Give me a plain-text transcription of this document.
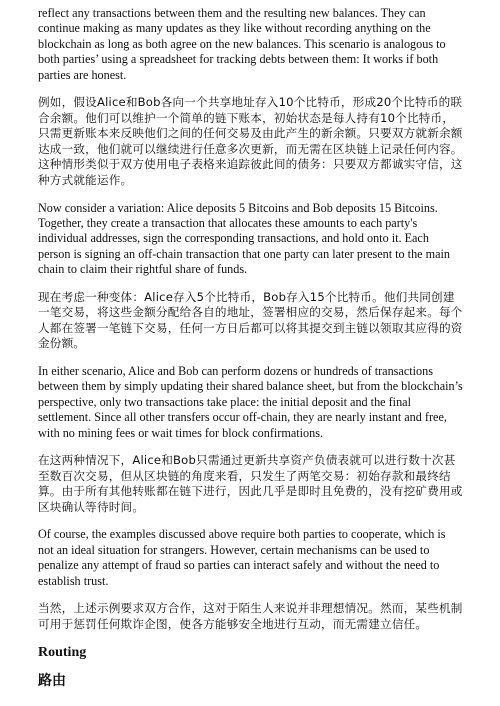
reflect any transactions between them and the resulting new balances. They can continue making as many updates as they like without recording anything on the blockchain as long as both agree on the new balances. This scenario is analogous to both parties’ using a spreadsheet for tracking debts between them: It works if both parties are honest.

例如，假设Alice和Bob各向一个共享地址存入10个比特币，形成20个比特币的联合余额。他们可以维护一个简单的链下账本，初始状态是每人持有10个比特币，只需更新账本来反映他们之间的任何交易及由此产生的新余额。只要双方就新余额达成一致，他们就可以继续进行任意多次更新，而无需在区块链上记录任何内容。这种情形类似于双方使用电子表格来追踪彼此间的债务：只要双方都诚实守信，这种方式就能运作。

Now consider a variation: Alice deposits 5 Bitcoins and Bob deposits 15 Bitcoins. Together, they create a transaction that allocates these amounts to each party's individual addresses, sign the corresponding transactions, and hold onto it. Each person is signing an off-chain transaction that one party can later present to the main chain to claim their rightful share of funds.

现在考虑一种变体：Alice存入5个比特币，Bob存入15个比特币。他们共同创建一笔交易，将这些金额分配给各自的地址，签署相应的交易，然后保存起来。每个人都在签署一笔链下交易，任何一方日后都可以将其提交到主链以领取其应得的资金份额。

In either scenario, Alice and Bob can perform dozens or hundreds of transactions between them by simply updating their shared balance sheet, but from the blockchain’s perspective, only two transactions take place: the initial deposit and the final settlement. Since all other transfers occur off-chain, they are nearly instant and free, with no mining fees or wait times for block confirmations.

在这两种情况下，Alice和Bob只需通过更新共享资产负债表就可以进行数十次甚至数百次交易，但从区块链的角度来看，只发生了两笔交易：初始存款和最终结算。由于所有其他转账都在链下进行，因此几乎是即时且免费的，没有挖矿费用或区块确认等待时间。

Of course, the examples discussed above require both parties to cooperate, which is not an ideal situation for strangers. However, certain mechanisms can be used to penalize any attempt of fraud so parties can interact safely and without the need to establish trust.

当然，上述示例要求双方合作，这对于陌生人来说并非理想情况。然而，某些机制可用于惩罚任何欺诈企图，使各方能够安全地进行互动，而无需建立信任。

Routing
路由
